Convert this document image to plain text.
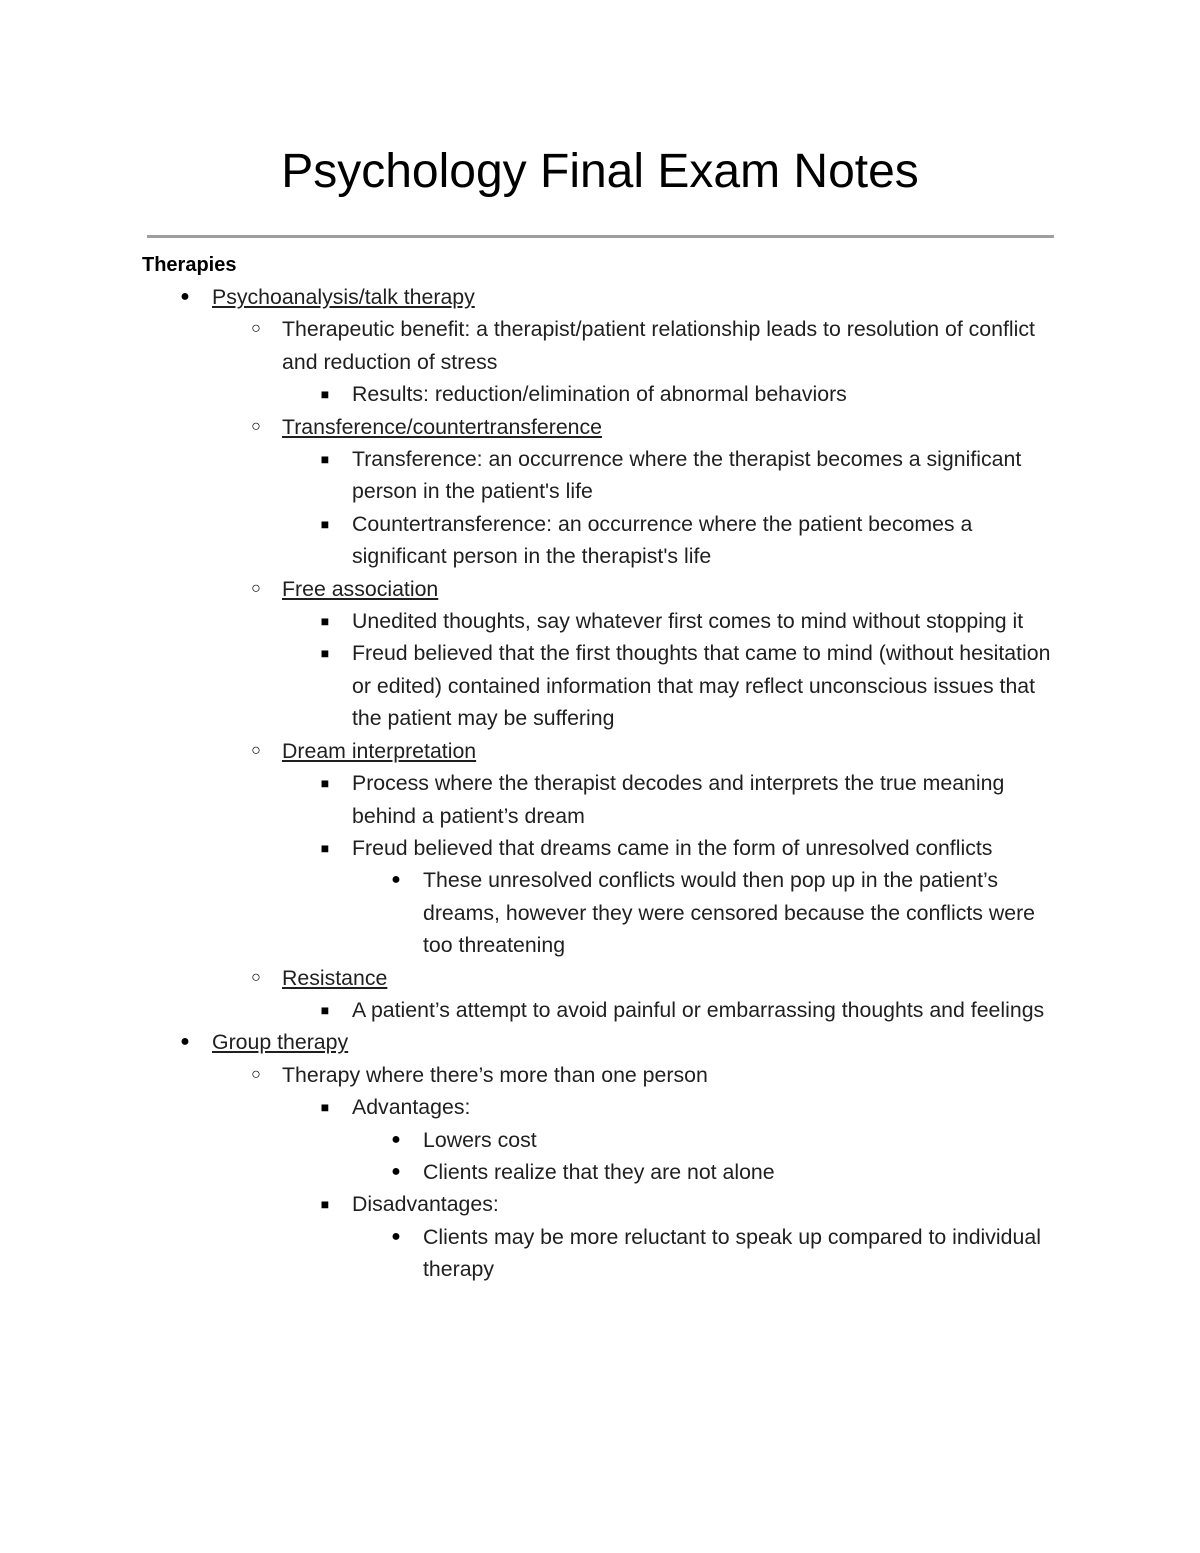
Psychology Final Exam Notes
Therapies
●	Psychoanalysis/talk therapy
○ Therapeutic benefit: a therapist/patient relationship leads to resolution of conflict and reduction of stress
■	Results: reduction/elimination of abnormal behaviors
○ Transference/countertransference
■	Transference: an occurrence where the therapist becomes a significant person in the patient's life
■	Countertransference: an occurrence where the patient becomes a significant person in the therapist's life
○ Free association
■	Unedited thoughts, say whatever first comes to mind without stopping it
■	Freud believed that the first thoughts that came to mind (without hesitation or edited) contained information that may reflect unconscious issues that the patient may be suffering
○ Dream interpretation
■	Process where the therapist decodes and interprets the true meaning behind a patient’s dream
■	Freud believed that dreams came in the form of unresolved conflicts
●	These unresolved conflicts would then pop up in the patient’s dreams, however they were censored because the conflicts were too threatening
○ Resistance
■	A patient’s attempt to avoid painful or embarrassing thoughts and feelings
●	Group therapy
○ Therapy where there’s more than one person
■	Advantages:
●	Lowers cost
●	Clients realize that they are not alone
■	Disadvantages:
●	Clients may be more reluctant to speak up compared to individual therapy
